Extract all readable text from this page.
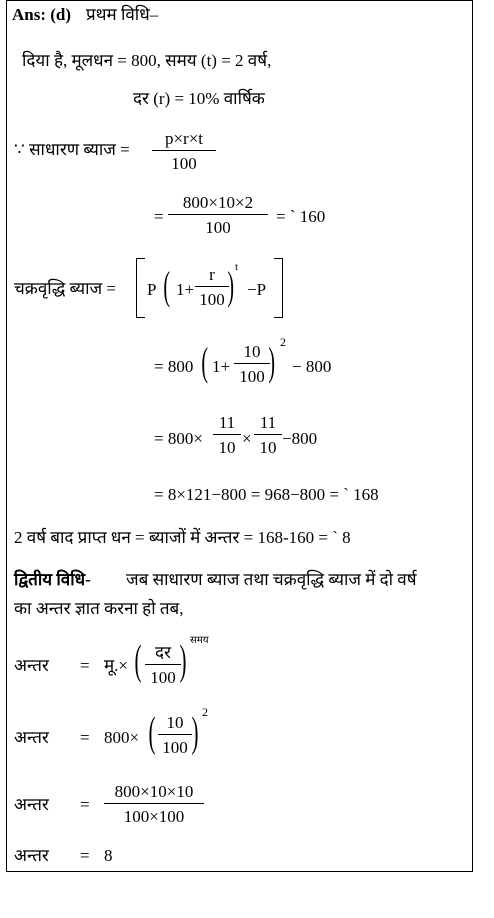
Ans: (d) प्रथम विधि–
दिया है, मूलधन = 800, समय (t) = 2 वर्ष,
दर (r) = 10% वार्षिक
∵ साधारण ब्याज =
p×r×t
100
=
800×10×2
100
= ` 160
चक्रवृद्धि ब्याज = P ( 1+
r
100 ) t
−P
= 800 ( 1+
10
100 ) 2
− 800
= 800×
11
10 ×
11
10 −800
= 8×121−800 = 968−800 = ` 168
2 वर्ष बाद प्राप्त धन = ब्याजों में अन्तर = 168-160 = ` 8
द्वितीय विधि- जब साधारण ब्याज तथा चक्रवृद्धि ब्याज में दो वर्ष
का अन्तर ज्ञात करना हो तब,
अन्तर = मू.× ( दर
100 ) समय
अन्तर = 800× ( 10
100 ) 2
अन्तर =
800×10×10
100×100
अन्तर = 8
